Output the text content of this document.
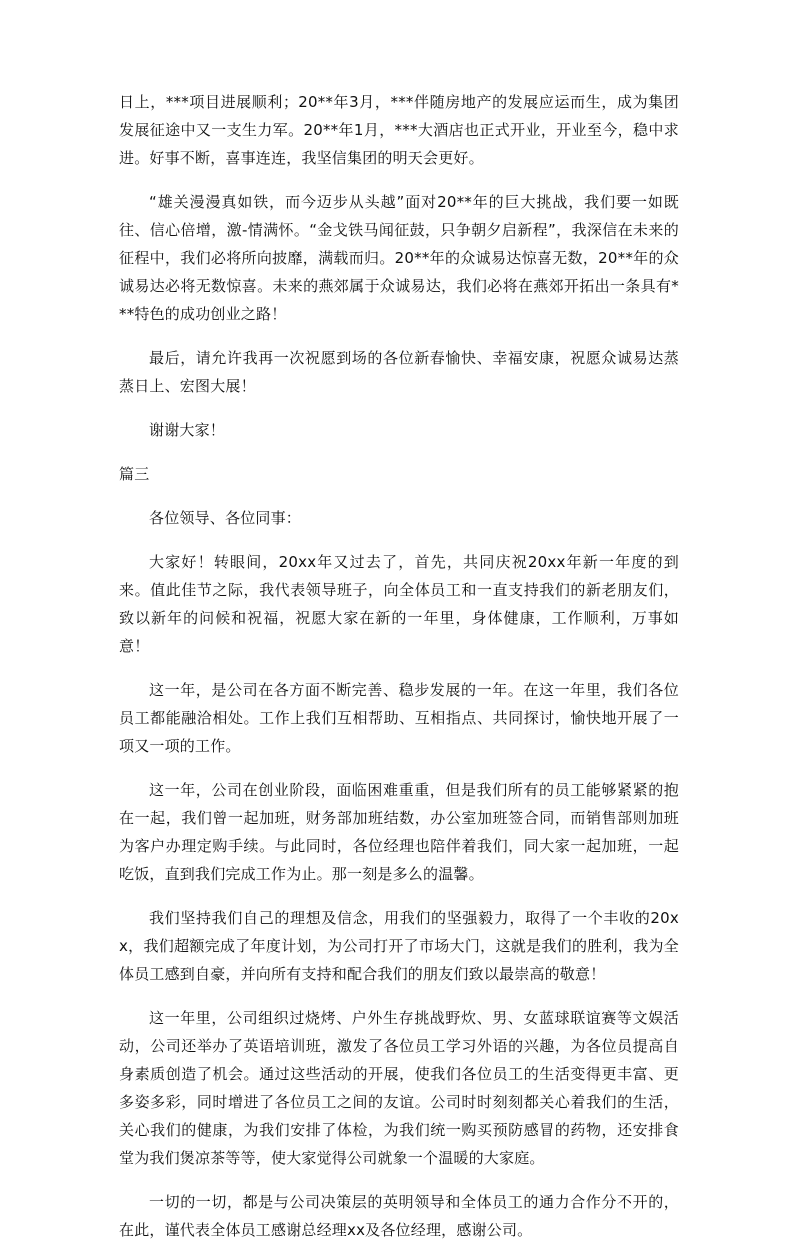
日上，***项目进展顺利；20**年3月，***伴随房地产的发展应运而生，成为集团发展征途中又一支生力军。20**年1月，***大酒店也正式开业，开业至今，稳中求进。好事不断，喜事连连，我坚信集团的明天会更好。

“雄关漫漫真如铁，而今迈步从头越”面对20**年的巨大挑战，我们要一如既往、信心倍增，激-情满怀。“金戈铁马闻征鼓，只争朝夕启新程”，我深信在未来的征程中，我们必将所向披靡，满载而归。20**年的众诚易达惊喜无数，20**年的众诚易达必将无数惊喜。未来的燕郊属于众诚易达，我们必将在燕郊开拓出一条具有***特色的成功创业之路！

最后，请允许我再一次祝愿到场的各位新春愉快、幸福安康，祝愿众诚易达蒸蒸日上、宏图大展！

谢谢大家！

篇三

各位领导、各位同事：

大家好！转眼间，20xx年又过去了，首先，共同庆祝20xx年新一年度的到来。值此佳节之际，我代表领导班子，向全体员工和一直支持我们的新老朋友们，致以新年的问候和祝福，祝愿大家在新的一年里，身体健康，工作顺利，万事如意！

这一年，是公司在各方面不断完善、稳步发展的一年。在这一年里，我们各位员工都能融洽相处。工作上我们互相帮助、互相指点、共同探讨，愉快地开展了一项又一项的工作。

这一年，公司在创业阶段，面临困难重重，但是我们所有的员工能够紧紧的抱在一起，我们曾一起加班，财务部加班结数，办公室加班签合同，而销售部则加班为客户办理定购手续。与此同时，各位经理也陪伴着我们，同大家一起加班，一起吃饭，直到我们完成工作为止。那一刻是多么的温馨。

我们坚持我们自己的理想及信念，用我们的坚强毅力，取得了一个丰收的20xx，我们超额完成了年度计划，为公司打开了市场大门，这就是我们的胜利，我为全体员工感到自豪，并向所有支持和配合我们的朋友们致以最崇高的敬意！

这一年里，公司组织过烧烤、户外生存挑战野炊、男、女蓝球联谊赛等文娱活动，公司还举办了英语培训班，激发了各位员工学习外语的兴趣，为各位员提高自身素质创造了机会。通过这些活动的开展，使我们各位员工的生活变得更丰富、更多姿多彩，同时增进了各位员工之间的友谊。公司时时刻刻都关心着我们的生活，关心我们的健康，为我们安排了体检，为我们统一购买预防感冒的药物，还安排食堂为我们煲凉茶等等，使大家觉得公司就象一个温暖的大家庭。

一切的一切，都是与公司决策层的英明领导和全体员工的通力合作分不开的，在此，谨代表全体员工感谢总经理xx及各位经理，感谢公司。
